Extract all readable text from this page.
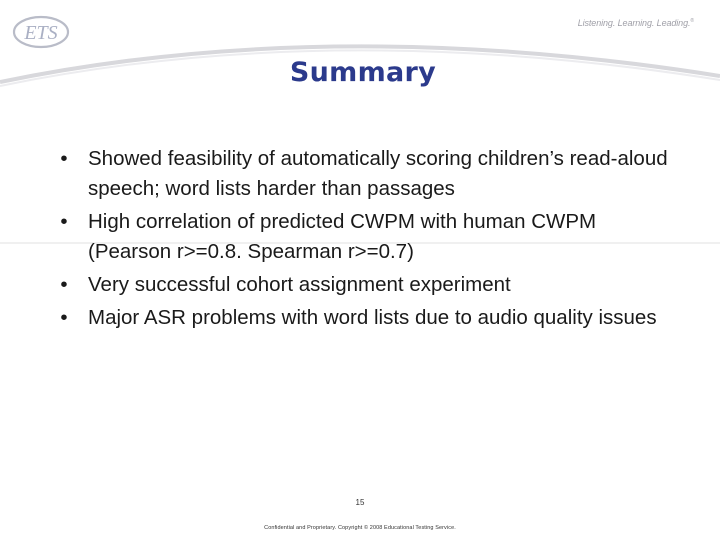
ETS	Listening. Learning. Leading.®
Summary
• Showed feasibility of automatically scoring children’s read-aloud speech; word lists harder than passages
• High correlation of predicted CWPM with human CWPM (Pearson r>=0.8. Spearman r>=0.7)
• Very successful cohort assignment experiment
• Major ASR problems with word lists due to audio quality issues
15
Confidential and Proprietary. Copyright © 2008 Educational Testing Service.
